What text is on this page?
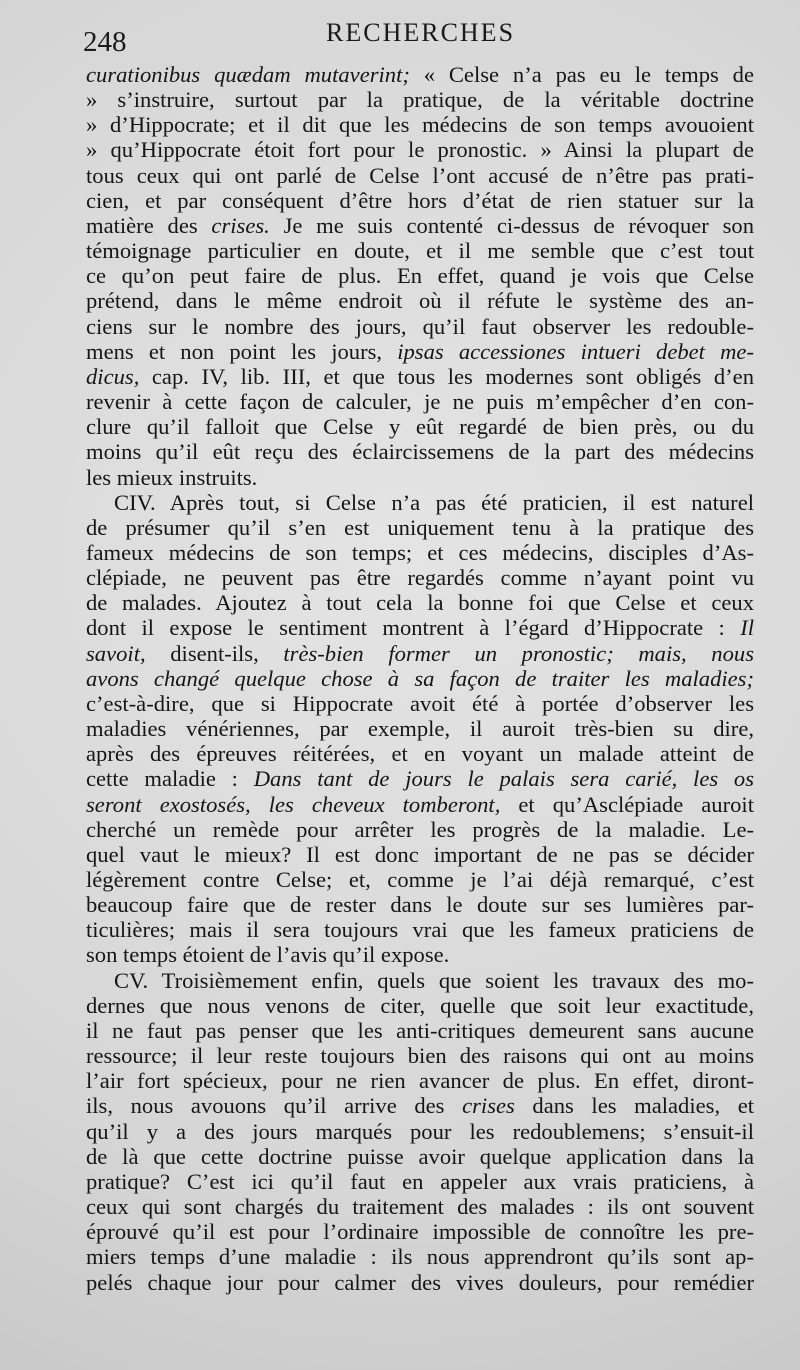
248	RECHERCHES
curationibus quædam mutaverint; « Celse n’a pas eu le temps de
» s’instruire, surtout par la pratique, de la véritable doctrine
» d’Hippocrate; et il dit que les médecins de son temps avouoient
» qu’Hippocrate étoit fort pour le pronostic. » Ainsi la plupart de
tous ceux qui ont parlé de Celse l’ont accusé de n’être pas prati-
cien, et par conséquent d’être hors d’état de rien statuer sur la
matière des crises. Je me suis contenté ci-dessus de révoquer son
témoignage particulier en doute, et il me semble que c’est tout
ce qu’on peut faire de plus. En effet, quand je vois que Celse
prétend, dans le même endroit où il réfute le système des an-
ciens sur le nombre des jours, qu’il faut observer les redouble-
mens et non point les jours, ipsas accessiones intueri debet me-
dicus, cap. IV, lib. III, et que tous les modernes sont obligés d’en
revenir à cette façon de calculer, je ne puis m’empêcher d’en con-
clure qu’il falloit que Celse y eût regardé de bien près, ou du
moins qu’il eût reçu des éclaircissemens de la part des médecins
les mieux instruits.
CIV. Après tout, si Celse n’a pas été praticien, il est naturel
de présumer qu’il s’en est uniquement tenu à la pratique des
fameux médecins de son temps; et ces médecins, disciples d’As-
clépiade, ne peuvent pas être regardés comme n’ayant point vu
de malades. Ajoutez à tout cela la bonne foi que Celse et ceux
dont il expose le sentiment montrent à l’égard d’Hippocrate : Il
savoit, disent-ils, très-bien former un pronostic; mais, nous
avons changé quelque chose à sa façon de traiter les maladies;
c’est-à-dire, que si Hippocrate avoit été à portée d’observer les
maladies vénériennes, par exemple, il auroit très-bien su dire,
après des épreuves réitérées, et en voyant un malade atteint de
cette maladie : Dans tant de jours le palais sera carié, les os
seront exostosés, les cheveux tomberont, et qu’Asclépiade auroit
cherché un remède pour arrêter les progrès de la maladie. Le-
quel vaut le mieux? Il est donc important de ne pas se décider
légèrement contre Celse; et, comme je l’ai déjà remarqué, c’est
beaucoup faire que de rester dans le doute sur ses lumières par-
ticulières; mais il sera toujours vrai que les fameux praticiens de
son temps étoient de l’avis qu’il expose.
CV. Troisièmement enfin, quels que soient les travaux des mo-
dernes que nous venons de citer, quelle que soit leur exactitude,
il ne faut pas penser que les anti-critiques demeurent sans aucune
ressource; il leur reste toujours bien des raisons qui ont au moins
l’air fort spécieux, pour ne rien avancer de plus. En effet, diront-
ils, nous avouons qu’il arrive des crises dans les maladies, et
qu’il y a des jours marqués pour les redoublemens; s’ensuit-il
de là que cette doctrine puisse avoir quelque application dans la
pratique? C’est ici qu’il faut en appeler aux vrais praticiens, à
ceux qui sont chargés du traitement des malades : ils ont souvent
éprouvé qu’il est pour l’ordinaire impossible de connoître les pre-
miers temps d’une maladie : ils nous apprendront qu’ils sont ap-
pelés chaque jour pour calmer des vives douleurs, pour remédier
